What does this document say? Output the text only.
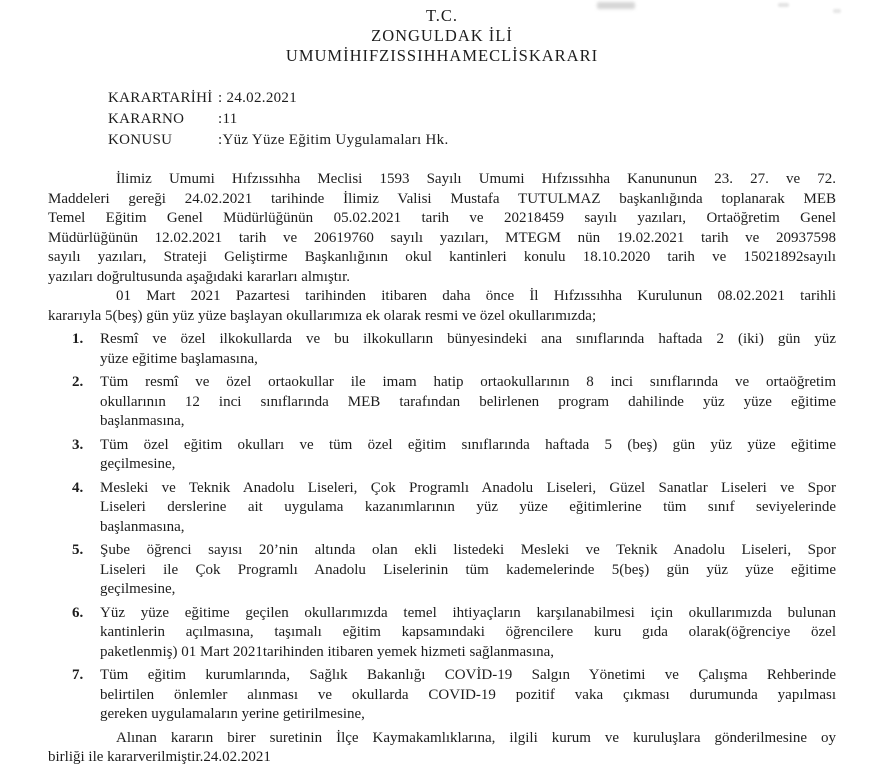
T.C.
ZONGULDAK İLİ
UMUMİHIFZISSIHHAMECLİSKARARI
KARARTARİHİ : 24.02.2021
KARARNO :11
KONUSU	:Yüz Yüze Eğitim Uygulamaları Hk.
İlimiz Umumi Hıfzıssıhha Meclisi 1593 Sayılı Umumi Hıfzıssıhha Kanununun 23. 27. ve 72.
Maddeleri gereği 24.02.2021 tarihinde İlimiz Valisi Mustafa TUTULMAZ başkanlığında toplanarak MEB
Temel Eğitim Genel Müdürlüğünün 05.02.2021 tarih ve 20218459 sayılı yazıları, Ortaöğretim Genel
Müdürlüğünün 12.02.2021 tarih ve 20619760 sayılı yazıları, MTEGM nün 19.02.2021 tarih ve 20937598
sayılı yazıları, Strateji Geliştirme Başkanlığının okul kantinleri konulu 18.10.2020 tarih ve 15021892sayılı
yazıları doğrultusunda aşağıdaki kararları almıştır.
01 Mart 2021 Pazartesi tarihinden itibaren daha önce İl Hıfzıssıhha Kurulunun 08.02.2021 tarihli
kararıyla 5(beş) gün yüz yüze başlayan okullarımıza ek olarak resmi ve özel okullarımızda;
1. Resmî ve özel ilkokullarda ve bu ilkokulların bünyesindeki ana sınıflarında haftada 2 (iki) gün yüz
yüze eğitime başlamasına,
2. Tüm resmî ve özel ortaokullar ile imam hatip ortaokullarının 8 inci sınıflarında ve ortaöğretim
okullarının 12 inci sınıflarında MEB tarafından belirlenen program dahilinde yüz yüze eğitime
başlanmasına,
3. Tüm özel eğitim okulları ve tüm özel eğitim sınıflarında haftada 5 (beş) gün yüz yüze eğitime
geçilmesine,
4. Mesleki ve Teknik Anadolu Liseleri, Çok Programlı Anadolu Liseleri, Güzel Sanatlar Liseleri ve Spor
Liseleri derslerine ait uygulama kazanımlarının yüz yüze eğitimlerine tüm sınıf seviyelerinde
başlanmasına,
5. Şube öğrenci sayısı 20’nin altında olan ekli listedeki Mesleki ve Teknik Anadolu Liseleri, Spor
Liseleri ile Çok Programlı Anadolu Liselerinin tüm kademelerinde 5(beş) gün yüz yüze eğitime
geçilmesine,
6. Yüz yüze eğitime geçilen okullarımızda temel ihtiyaçların karşılanabilmesi için okullarımızda bulunan
kantinlerin açılmasına, taşımalı eğitim kapsamındaki öğrencilere kuru gıda olarak(öğrenciye özel
paketlenmiş) 01 Mart 2021tarihinden itibaren yemek hizmeti sağlanmasına,
7. Tüm eğitim kurumlarında, Sağlık Bakanlığı COVİD-19 Salgın Yönetimi ve Çalışma Rehberinde
belirtilen önlemler alınması ve okullarda COVID-19 pozitif vaka çıkması durumunda yapılması
gereken uygulamaların yerine getirilmesine,
Alınan kararın birer suretinin İlçe Kaymakamlıklarına, ilgili kurum ve kuruluşlara gönderilmesine oy
birliği ile kararverilmiştir.24.02.2021
